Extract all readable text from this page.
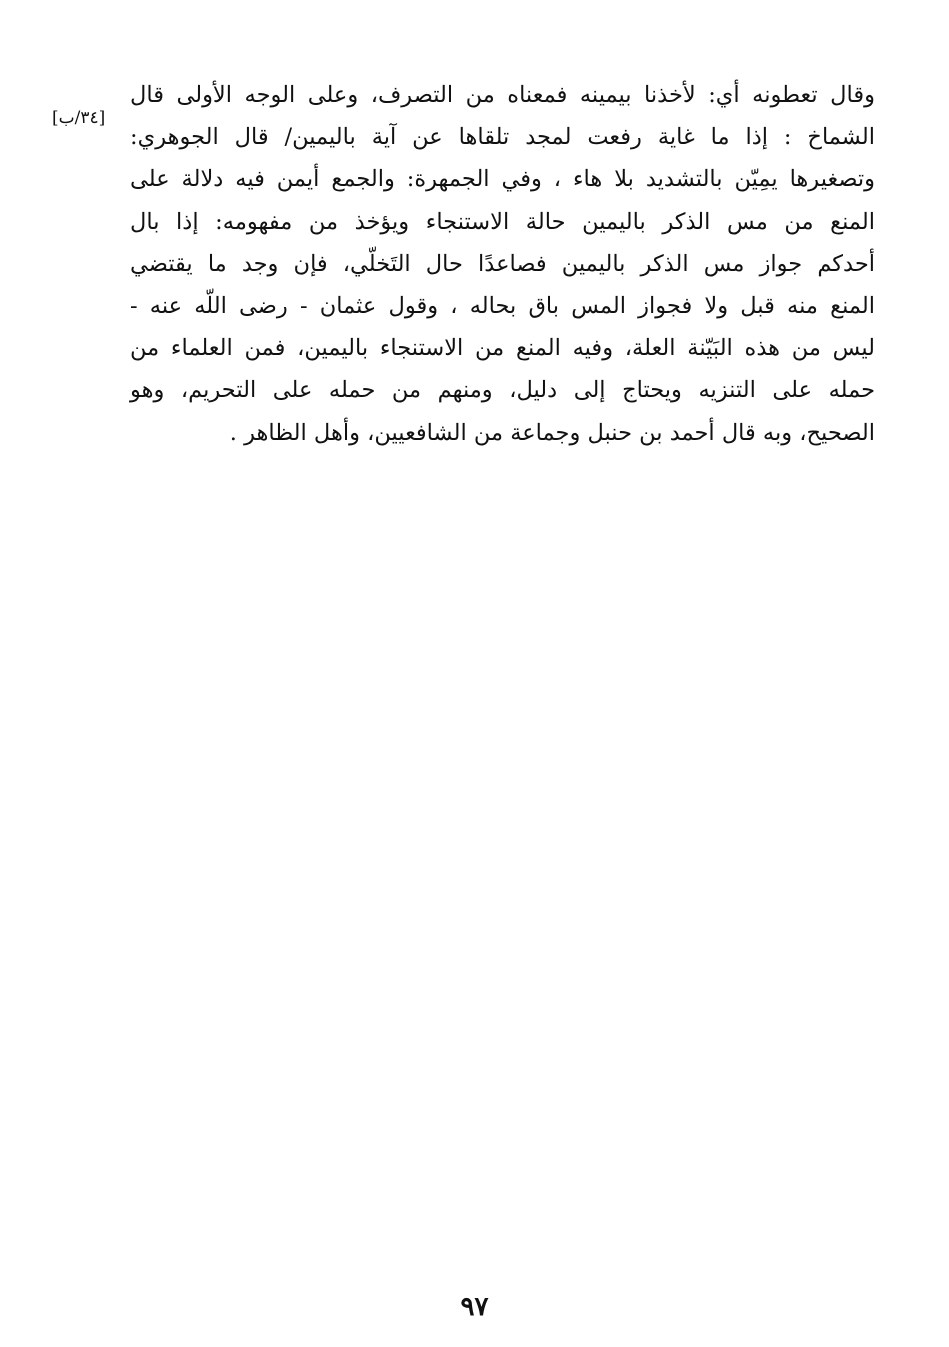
[٣٤/ب]
وقال تعطونه أي: لأخذنا بيمينه فمعناه من التصرف، وعلى الوجه الأولى قال
الشماخ : إذا ما غاية رفعت لمجد تلقاها عن آية باليمين/ قال الجوهري:
وتصغيرها يمِيّن بالتشديد بلا هاء ، وفي الجمهرة: والجمع أيمن فيه دلالة على
المنع من مس الذكر باليمين حالة الاستنجاء ويؤخذ من مفهومه: إذا بال
أحدكم جواز مس الذكر باليمين فصاعدًا حال التَخلّي، فإن وجد ما يقتضي
المنع منه قبل ولا فجواز المس باق بحاله ، وقول عثمان - رضى اللّه عنه -
ليس من هذه البَيّنة العلة، وفيه المنع من الاستنجاء باليمين، فمن العلماء من
حمله على التنزيه ويحتاج إلى دليل، ومنهم من حمله على التحريم، وهو
الصحيح، وبه قال أحمد بن حنبل وجماعة من الشافعيين، وأهل الظاهر .
٩٧
